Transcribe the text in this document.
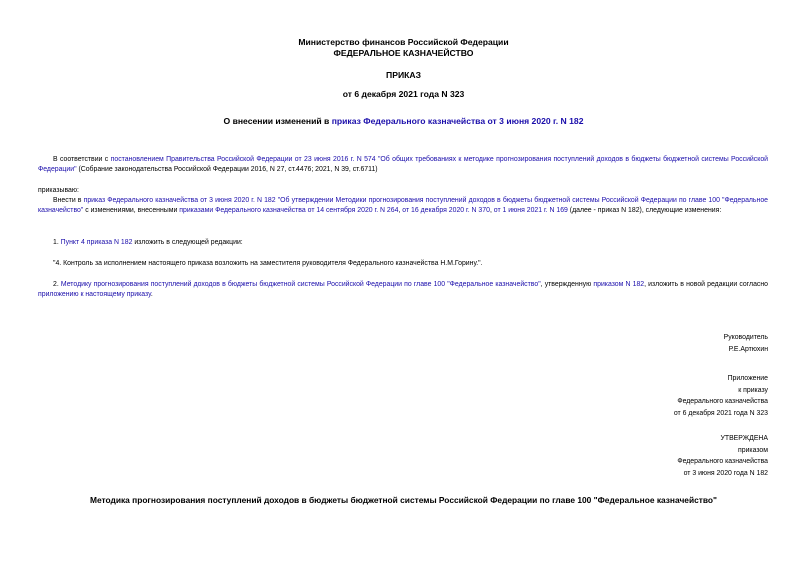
Министерство финансов Российской Федерации
ФЕДЕРАЛЬНОЕ КАЗНАЧЕЙСТВО
ПРИКАЗ
от 6 декабря 2021 года N 323
О внесении изменений в приказ Федерального казначейства от 3 июня 2020 г. N 182
В соответствии с постановлением Правительства Российской Федерации от 23 июня 2016 г. N 574 "Об общих требованиях к методике прогнозирования поступлений доходов в бюджеты бюджетной системы Российской Федерации" (Собрание законодательства Российской Федерации 2016, N 27, ст.4476; 2021, N 39, ст.6711)
приказываю:
Внести в приказ Федерального казначейства от 3 июня 2020 г. N 182 "Об утверждении Методики прогнозирования поступлений доходов в бюджеты бюджетной системы Российской Федерации по главе 100 "Федеральное казначейство" с изменениями, внесенными приказами Федерального казначейства от 14 сентября 2020 г. N 264, от 16 декабря 2020 г. N 370, от 1 июня 2021 г. N 169 (далее - приказ N 182), следующие изменения:
1. Пункт 4 приказа N 182 изложить в следующей редакции:
"4. Контроль за исполнением настоящего приказа возложить на заместителя руководителя Федерального казначейства Н.М.Горину.".
2. Методику прогнозирования поступлений доходов в бюджеты бюджетной системы Российской Федерации по главе 100 "Федеральное казначейство", утвержденную приказом N 182, изложить в новой редакции согласно приложению к настоящему приказу.
Руководитель
Р.Е.Артюхин
Приложение
к приказу
Федерального казначейства
от 6 декабря 2021 года N 323
УТВЕРЖДЕНА
приказом
Федерального казначейства
от 3 июня 2020 года N 182
Методика прогнозирования поступлений доходов в бюджеты бюджетной системы Российской Федерации по главе 100 "Федеральное казначейство"
